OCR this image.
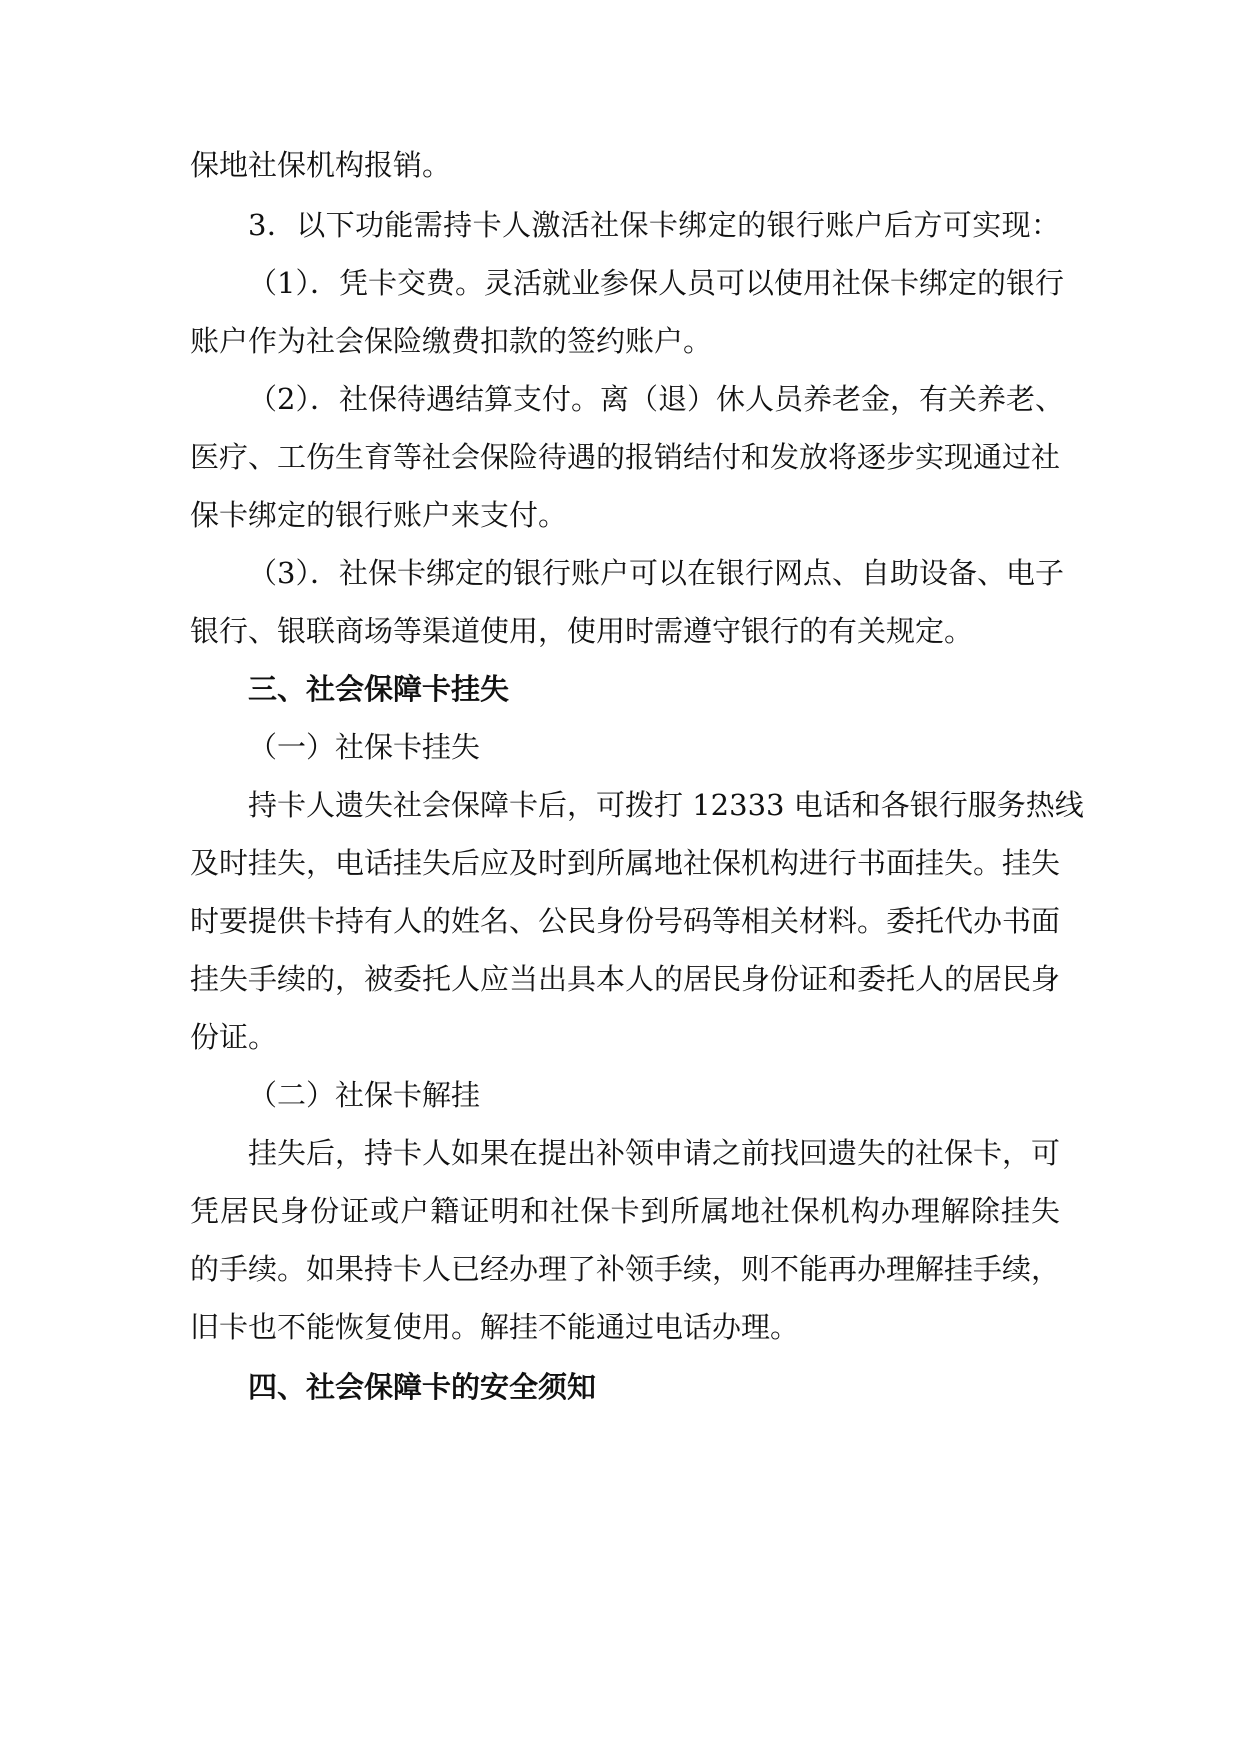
保地社保机构报销。
3．以下功能需持卡人激活社保卡绑定的银行账户后方可实现：
（1）．凭卡交费。灵活就业参保人员可以使用社保卡绑定的银行
账户作为社会保险缴费扣款的签约账户。
（2）．社保待遇结算支付。离（退）休人员养老金，有关养老、
医疗、工伤生育等社会保险待遇的报销结付和发放将逐步实现通过社
保卡绑定的银行账户来支付。
（3）．社保卡绑定的银行账户可以在银行网点、自助设备、电子
银行、银联商场等渠道使用，使用时需遵守银行的有关规定。
三、社会保障卡挂失
（一）社保卡挂失
持卡人遗失社会保障卡后，可拨打 12333 电话和各银行服务热线
及时挂失，电话挂失后应及时到所属地社保机构进行书面挂失。挂失
时要提供卡持有人的姓名、公民身份号码等相关材料。委托代办书面
挂失手续的，被委托人应当出具本人的居民身份证和委托人的居民身
份证。
（二）社保卡解挂
挂失后，持卡人如果在提出补领申请之前找回遗失的社保卡，可
凭居民身份证或户籍证明和社保卡到所属地社保机构办理解除挂失
的手续。如果持卡人已经办理了补领手续，则不能再办理解挂手续，
旧卡也不能恢复使用。解挂不能通过电话办理。
四、社会保障卡的安全须知
